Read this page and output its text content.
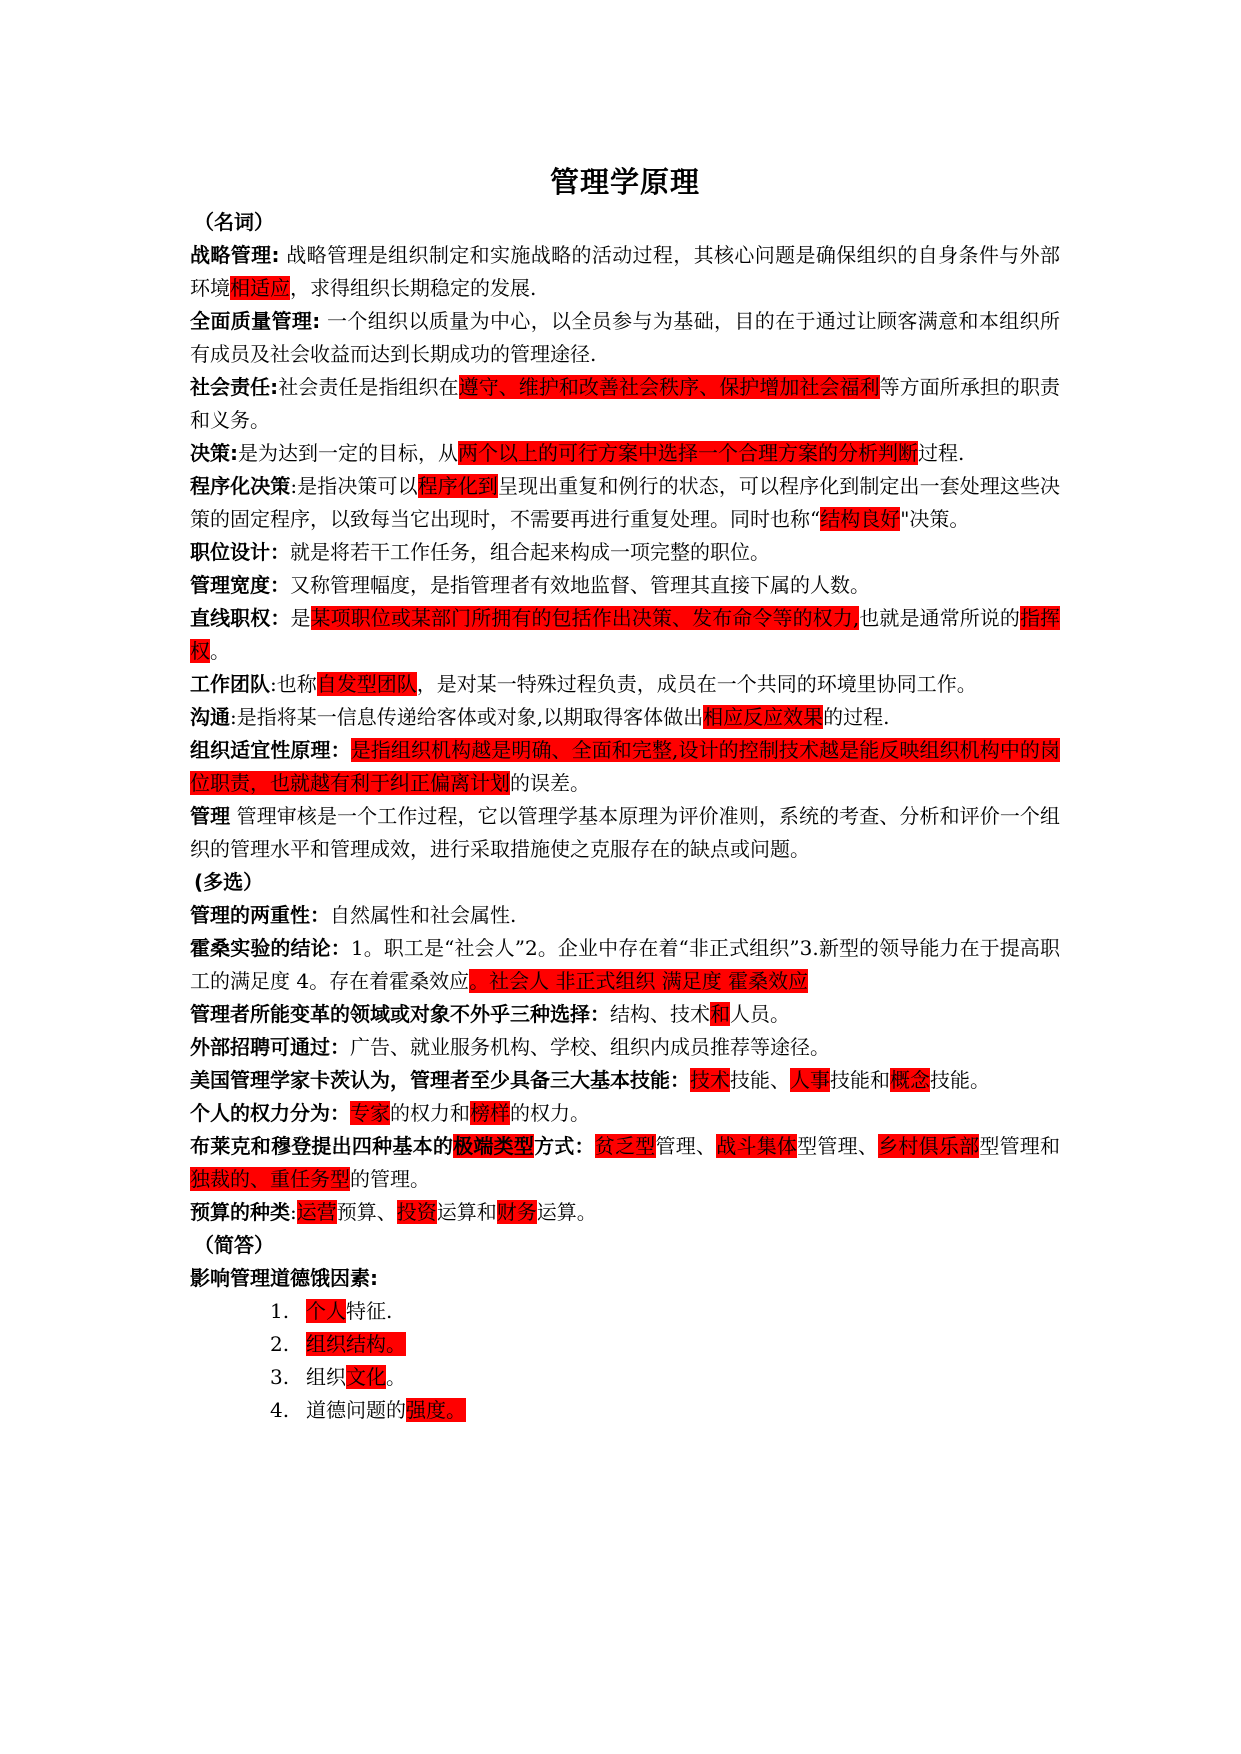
管理学原理
（名词）

战略管理: 战略管理是组织制定和实施战略的活动过程，其核心问题是确保组织的自身条件与外部环境相适应，求得组织长期稳定的发展.

全面质量管理: 一个组织以质量为中心，以全员参与为基础，目的在于通过让顾客满意和本组织所有成员及社会收益而达到长期成功的管理途径.

社会责任:社会责任是指组织在遵守、维护和改善社会秩序、保护增加社会福利等方面所承担的职责和义务。

决策:是为达到一定的目标，从两个以上的可行方案中选择一个合理方案的分析判断过程.

程序化决策:是指决策可以程序化到呈现出重复和例行的状态，可以程序化到制定出一套处理这些决策的固定程序，以致每当它出现时，不需要再进行重复处理。同时也称“结构良好"决策。

职位设计：就是将若干工作任务，组合起来构成一项完整的职位。

管理宽度：又称管理幅度，是指管理者有效地监督、管理其直接下属的人数。

直线职权：是某项职位或某部门所拥有的包括作出决策、发布命令等的权力,也就是通常所说的指挥权。

工作团队:也称自发型团队，是对某一特殊过程负责，成员在一个共同的环境里协同工作。

沟通:是指将某一信息传递给客体或对象,以期取得客体做出相应反应效果的过程.

组织适宜性原理：是指组织机构越是明确、全面和完整,设计的控制技术越是能反映组织机构中的岗位职责，也就越有利于纠正偏离计划的误差。

管理 管理审核是一个工作过程，它以管理学基本原理为评价准则，系统的考查、分析和评价一个组织的管理水平和管理成效，进行采取措施使之克服存在的缺点或问题。

(多选）

管理的两重性：自然属性和社会属性.

霍桑实验的结论：1。职工是“社会人”2。企业中存在着“非正式组织”3.新型的领导能力在于提高职工的满足度 4。存在着霍桑效应。社会人 非正式组织 满足度 霍桑效应

管理者所能变革的领域或对象不外乎三种选择：结构、技术和人员。

外部招聘可通过：广告、就业服务机构、学校、组织内成员推荐等途径。

美国管理学家卡茨认为，管理者至少具备三大基本技能：技术技能、人事技能和概念技能。

个人的权力分为：专家的权力和榜样的权力。

布莱克和穆登提出四种基本的极端类型方式：贫乏型管理、战斗集体型管理、乡村俱乐部型管理和独裁的、重任务型的管理。

预算的种类:运营预算、投资运算和财务运算。

（简答）

影响管理道德饿因素:

1. 个人特征.
2. 组织结构。
3. 组织文化。
4. 道德问题的强度。
